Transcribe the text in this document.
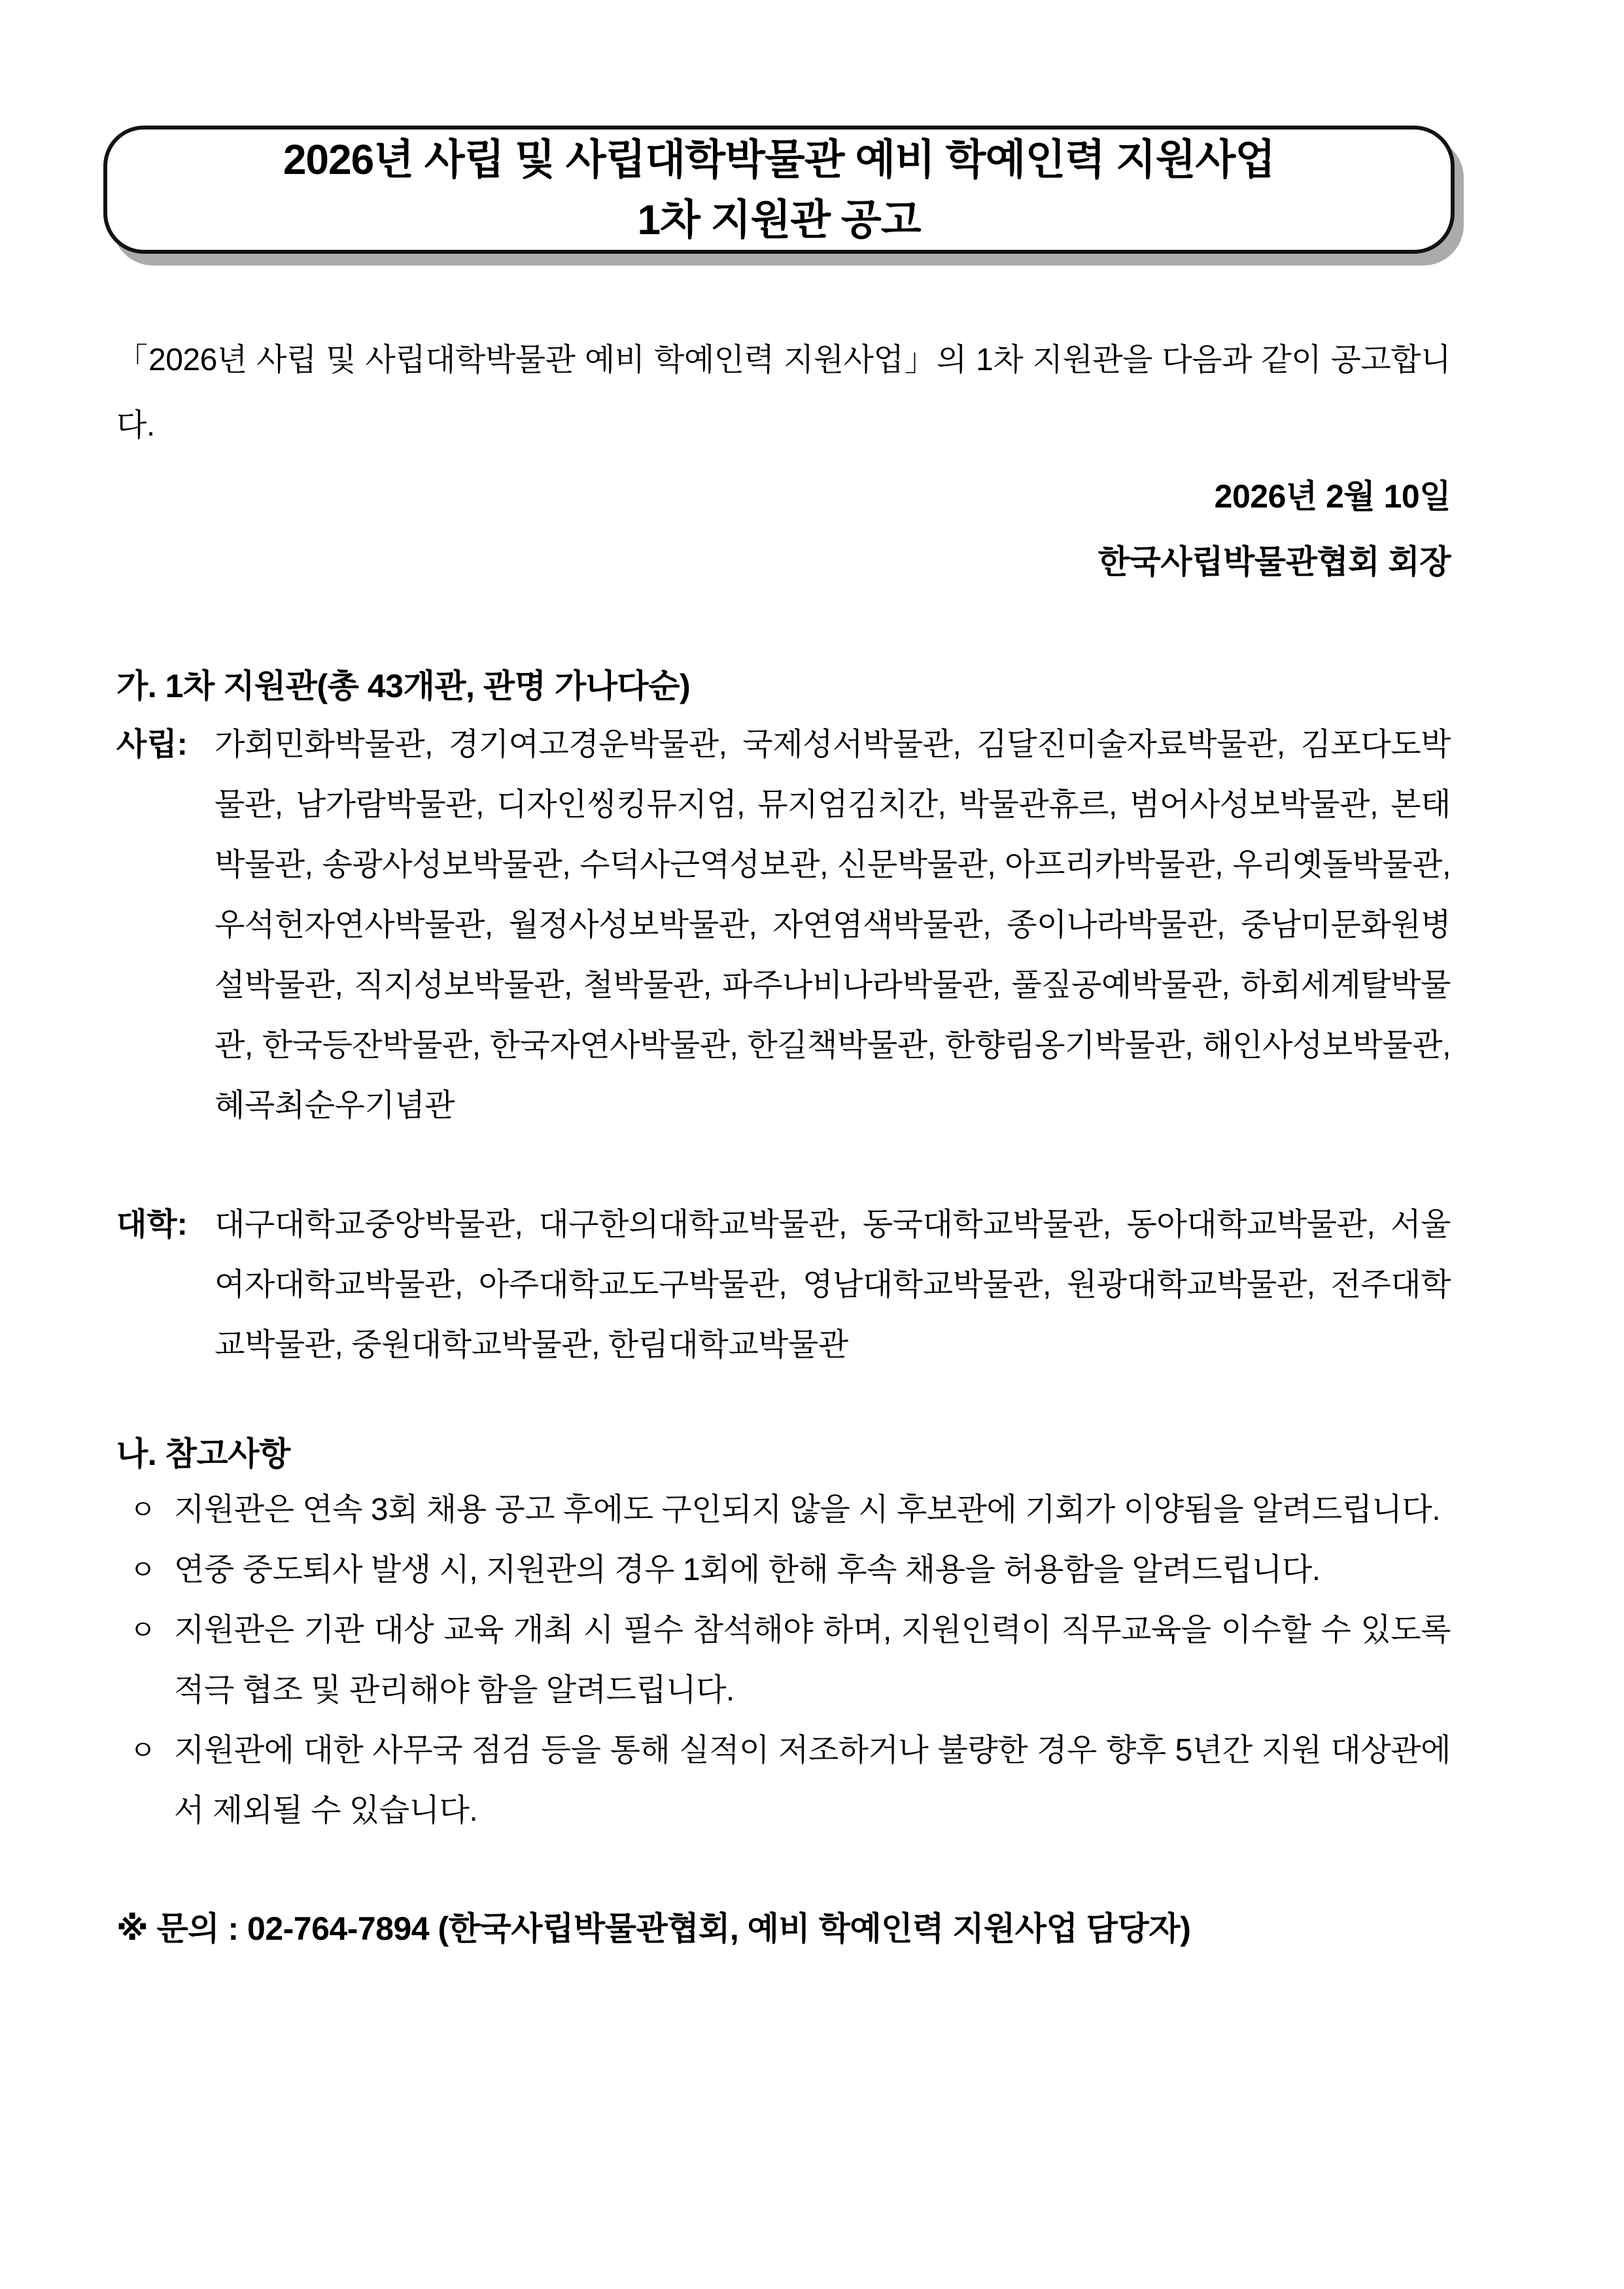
2026년 사립 및 사립대학박물관 예비 학예인력 지원사업
1차 지원관 공고

「2026년 사립 및 사립대학박물관 예비 학예인력 지원사업」의 1차 지원관을 다음과 같이 공고합니다.

2026년 2월 10일
한국사립박물관협회 회장
가. 1차 지원관(총 43개관, 관명 가나다순)
사립: 가회민화박물관, 경기여고경운박물관, 국제성서박물관, 김달진미술자료박물관, 김포다도박물관, 남가람박물관, 디자인씽킹뮤지엄, 뮤지엄김치간, 박물관휴르, 범어사성보박물관, 본태박물관, 송광사성보박물관, 수덕사근역성보관, 신문박물관, 아프리카박물관, 우리옛돌박물관, 우석헌자연사박물관, 월정사성보박물관, 자연염색박물관, 종이나라박물관, 중남미문화원병설박물관, 직지성보박물관, 철박물관, 파주나비나라박물관, 풀짚공예박물관, 하회세계탈박물관, 한국등잔박물관, 한국자연사박물관, 한길책박물관, 한향림옹기박물관, 해인사성보박물관, 혜곡최순우기념관
대학: 대구대학교중앙박물관, 대구한의대학교박물관, 동국대학교박물관, 동아대학교박물관, 서울여자대학교박물관, 아주대학교도구박물관, 영남대학교박물관, 원광대학교박물관, 전주대학교박물관, 중원대학교박물관, 한림대학교박물관
나. 참고사항
ㅇ 지원관은 연속 3회 채용 공고 후에도 구인되지 않을 시 후보관에 기회가 이양됨을 알려드립니다.
ㅇ 연중 중도퇴사 발생 시, 지원관의 경우 1회에 한해 후속 채용을 허용함을 알려드립니다.
ㅇ 지원관은 기관 대상 교육 개최 시 필수 참석해야 하며, 지원인력이 직무교육을 이수할 수 있도록 적극 협조 및 관리해야 함을 알려드립니다.
ㅇ 지원관에 대한 사무국 점검 등을 통해 실적이 저조하거나 불량한 경우 향후 5년간 지원 대상관에서 제외될 수 있습니다.

※ 문의 : 02-764-7894 (한국사립박물관협회, 예비 학예인력 지원사업 담당자)
